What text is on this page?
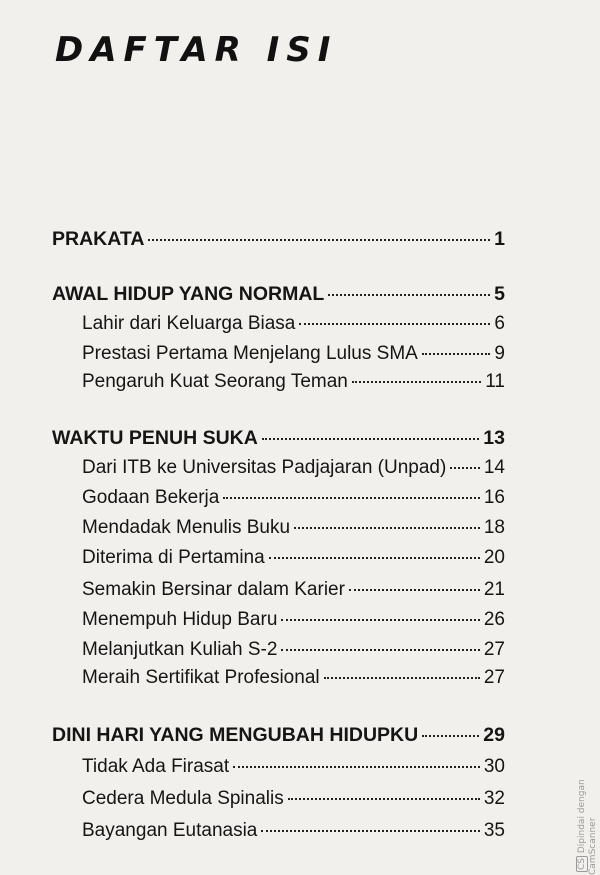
DAFTAR ISI
PRAKATA	1
AWAL HIDUP YANG NORMAL	5
Lahir dari Keluarga Biasa	6
Prestasi Pertama Menjelang Lulus SMA	9
Pengaruh Kuat Seorang Teman	11
WAKTU PENUH SUKA	13
Dari ITB ke Universitas Padjajaran (Unpad) 14
Godaan Bekerja	16
Mendadak Menulis Buku	18
Diterima di Pertamina	20
Semakin Bersinar dalam Karier	21
Menempuh Hidup Baru	26
Melanjutkan Kuliah S-2	27
Meraih Sertifikat Profesional	27
DINI HARI YANG MENGUBAH HIDUPKU	29
Tidak Ada Firasat	30
Cedera Medula Spinalis	32
Bayangan Eutanasia	35
CS Dipindai dengan CamScanner
